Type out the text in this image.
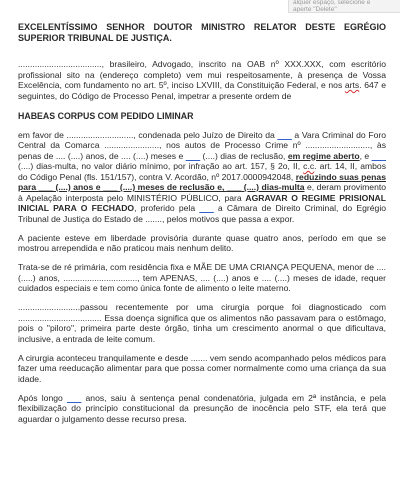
alquer espaço, selecione e
aperte "Delete"

EXCELENTÍSSIMO SENHOR DOUTOR MINISTRO RELATOR DESTE EGRÉGIO SUPERIOR TRIBUNAL DE JUSTIÇA.

..................................., brasileiro, Advogado, inscrito na OAB nº XXX.XXX, com escritório profissional sito na (endereço completo) vem mui respeitosamente, à presença de Vossa Excelência, com fundamento no art. 5º, inciso LXVIII, da Constituição Federal, e nos arts. 647 e seguintes, do Código de Processo Penal, impetrar a presente ordem de

HABEAS CORPUS COM PEDIDO LIMINAR

em favor de ............................, condenada pelo Juízo de Direito da ___ a Vara Criminal do Foro Central da Comarca ......................., nos autos de Processo Crime nº ..........................., às penas de .... (....) anos, de .... (....) meses e ___ (....) dias de reclusão, em regime aberto, e ___ (....) dias-multa, no valor diário mínimo, por infração ao art. 157, § 2o, II, c.c. art. 14, II, ambos do Código Penal (fls. 151/157), contra V. Acordão, nº 2017.0000942048, reduzindo suas penas para ___ (....) anos e ___ (....) meses de reclusão e, ___ (....) dias-multa e, deram provimento à Apelação interposta pelo MINISTÉRIO PÚBLICO, para AGRAVAR O REGIME PRISIONAL INICIAL PARA O FECHADO, proferido pela ___ a Câmara de Direito Criminal, do Egrégio Tribunal de Justiça do Estado de ......., pelos motivos que passa a expor.

A paciente esteve em liberdade provisória durante quase quatro anos, período em que se mostrou arrependida e não praticou mais nenhum delito.

Trata-se de ré primária, com residência fixa e MÃE DE UMA CRIANÇA PEQUENA, menor de .... (.....) anos, ..............................., tem APENAS, .... (....) anos e .... (....) meses de idade, requer cuidados especiais e tem como única fonte de alimento o leite materno.

..........................passou recentemente por uma cirurgia porque foi diagnosticado com ................................... Essa doença significa que os alimentos não passavam para o estômago, pois o "piloro", primeira parte deste órgão, tinha um crescimento anormal o que dificultava, inclusive, a entrada de leite comum.

A cirurgia aconteceu tranquilamente e desde ....... vem sendo acompanhado pelos médicos para fazer uma reeducação alimentar para que possa comer normalmente como uma criança da sua idade.

Após longo ___ anos, saiu à sentença penal condenatória, julgada em 2ª instância, e pela flexibilização do princípio constitucional da presunção de inocência pelo STF, ela terá que aguardar o julgamento desse recurso presa.
